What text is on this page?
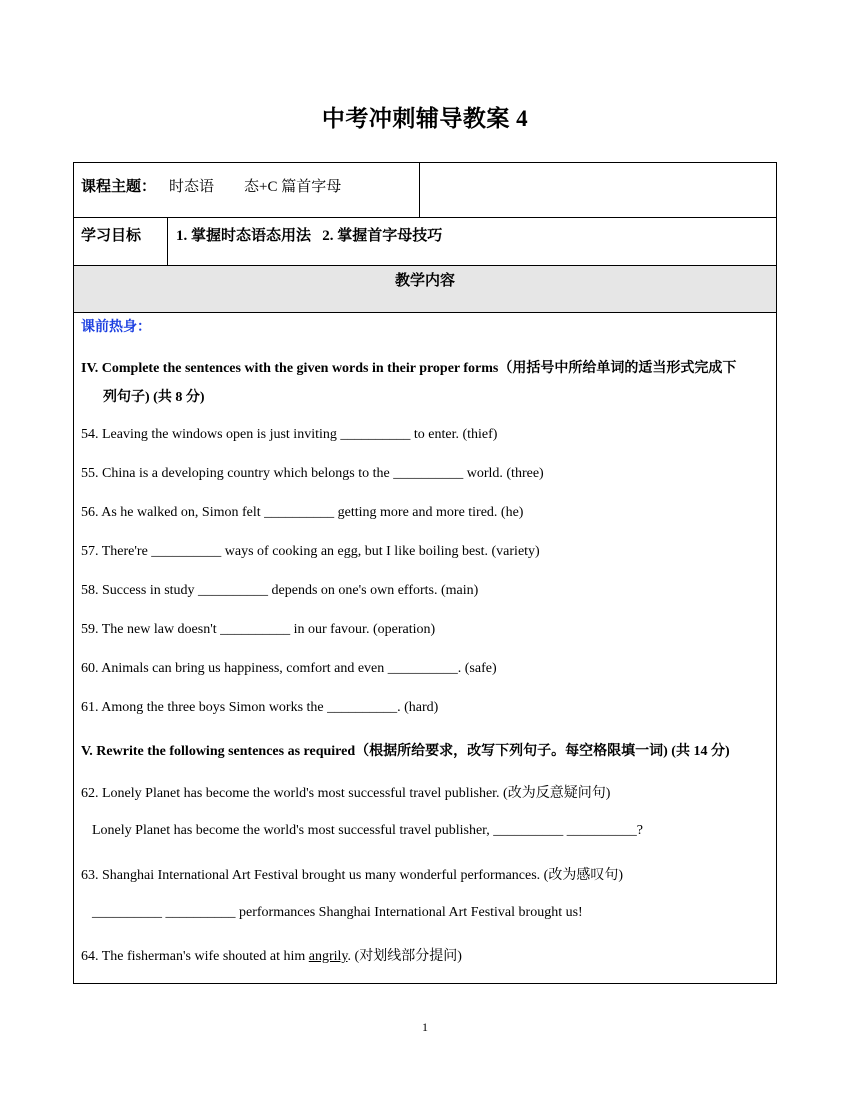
中考冲刺辅导教案 4
课程主题： 时态语        态+C 篇首字母
学习目标 1. 掌握时态语态用法   2. 掌握首字母技巧
教学内容
课前热身：
IV. Complete the sentences with the given words in their proper forms（用括号中所给单词的适当形式完成下
列句子) (共 8 分)
54. Leaving the windows open is just inviting __________ to enter. (thief)
55. China is a developing country which belongs to the __________ world. (three)
56. As he walked on, Simon felt __________ getting more and more tired. (he)
57. There're __________ ways of cooking an egg, but I like boiling best. (variety)
58. Success in study __________ depends on one's own efforts. (main)
59. The new law doesn't __________ in our favour. (operation)
60. Animals can bring us happiness, comfort and even __________. (safe)
61. Among the three boys Simon works the __________. (hard)
V. Rewrite the following sentences as required（根据所给要求，改写下列句子。每空格限填一词) (共 14 分)
62. Lonely Planet has become the world's most successful travel publisher. (改为反意疑问句)
Lonely Planet has become the world's most successful travel publisher, __________ __________?
63. Shanghai International Art Festival brought us many wonderful performances. (改为感叹句)
__________ __________ performances Shanghai International Art Festival brought us!
64. The fisherman's wife shouted at him angrily. (对划线部分提问)
1
